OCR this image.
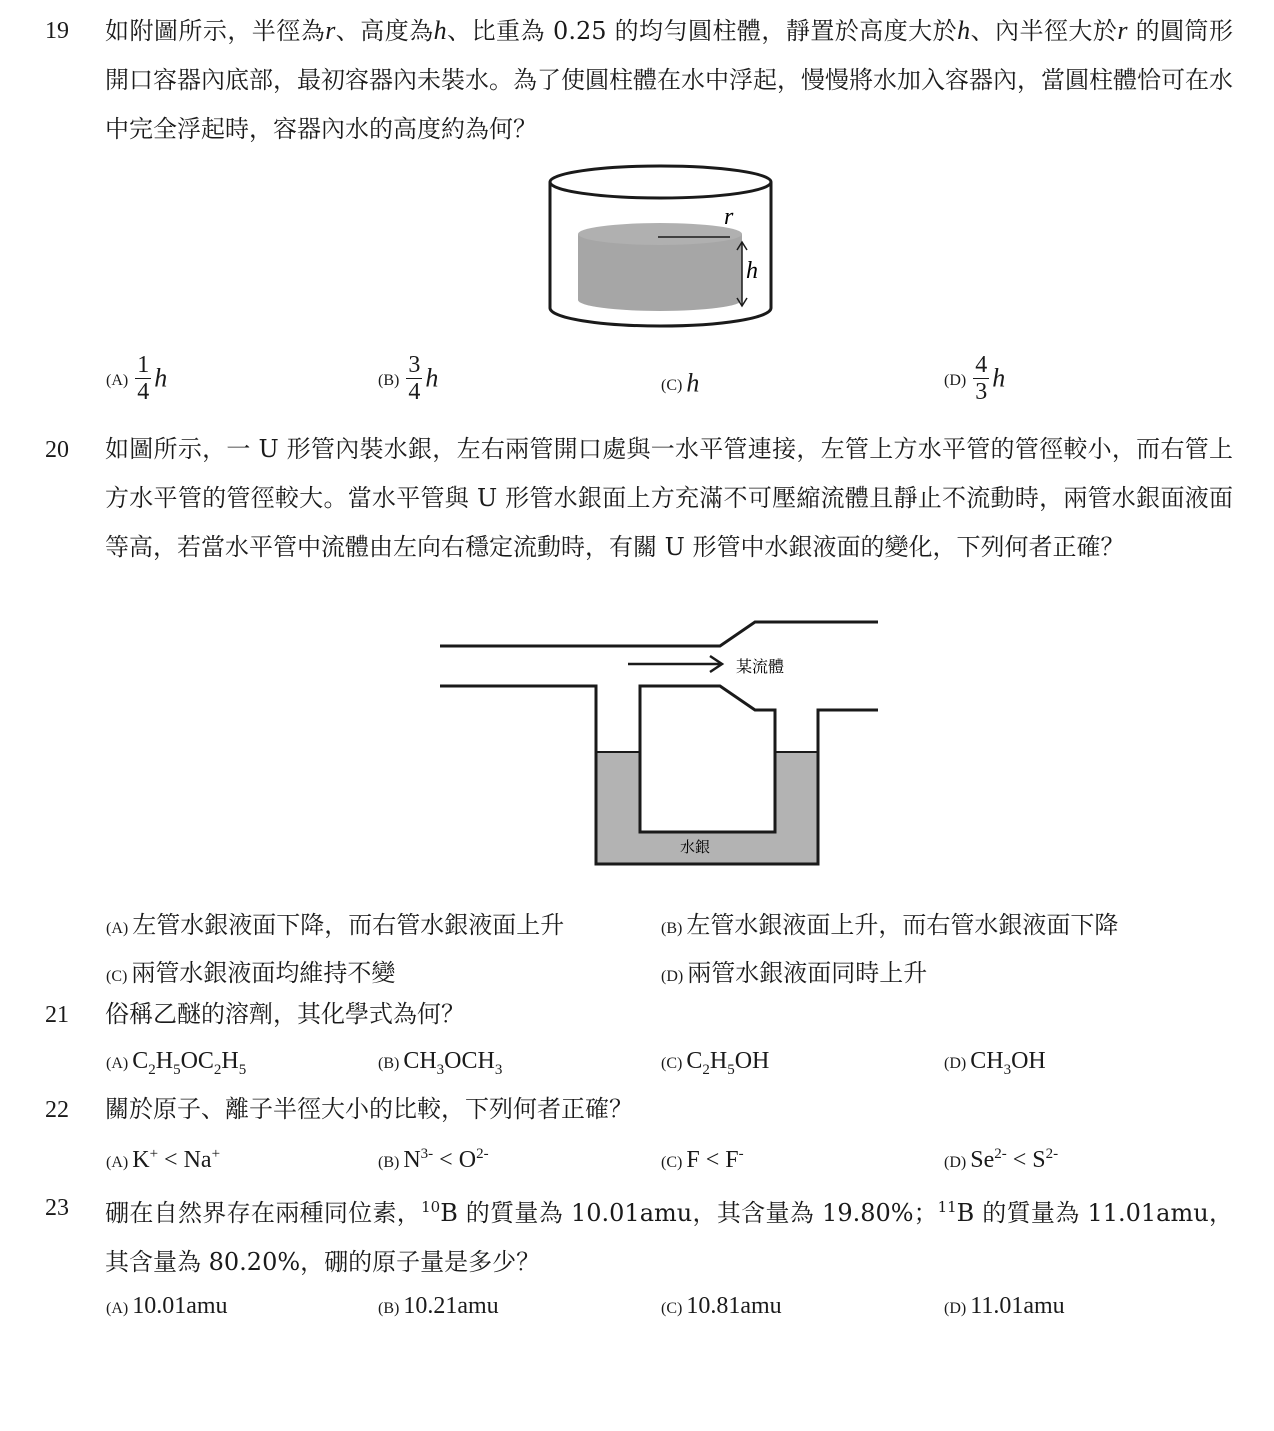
19 如附圖所示，半徑為r、高度為h、比重為 0.25 的均勻圓柱體，靜置於高度大於h、內半徑大於r 的圓筒形開口容器內底部，最初容器內未裝水。為了使圓柱體在水中浮起，慢慢將水加入容器內，當圓柱體恰可在水中完全浮起時，容器內水的高度約為何？
r
h
$(A) \frac{1}{4}$ h	$(B) \frac{3}{4}$ h	(C) h	$(D) \frac{4}{3}$ h
20 如圖所示，一 U 形管內裝水銀，左右兩管開口處與一水平管連接，左管上方水平管的管徑較小，而右管上方水平管的管徑較大。當水平管與 U 形管水銀面上方充滿不可壓縮流體且靜止不流動時，兩管水銀面液面等高，若當水平管中流體由左向右穩定流動時，有關 U 形管中水銀液面的變化，下列何者正確？
某流體
水銀
(A) 左管水銀液面下降，而右管水銀液面上升	(B) 左管水銀液面上升，而右管水銀液面下降
(C) 兩管水銀液面均維持不變	(D) 兩管水銀液面同時上升
21 俗稱乙醚的溶劑，其化學式為何？
(A) $C_2H_5OC_2H_5$	(B) $CH_3OCH_3$	(C) $C_2H_5OH$	(D) $CH_3OH$
22 關於原子、離子半徑大小的比較，下列何者正確？
(A) K+ < Na+	(B) $N^{3-} < O^{2-}$	(C) F < F-	(D) $Se^{2-} < S^{2-}$
23 硼在自然界存在兩種同位素，$^{10}$B 的質量為 10.01amu，其含量為 19.80%；$^{11}$B 的質量為 11.01amu，其含量為 80.20%，硼的原子量是多少？
(A) 10.01amu	(B) 10.21amu	(C) 10.81amu	(D) 11.01amu
